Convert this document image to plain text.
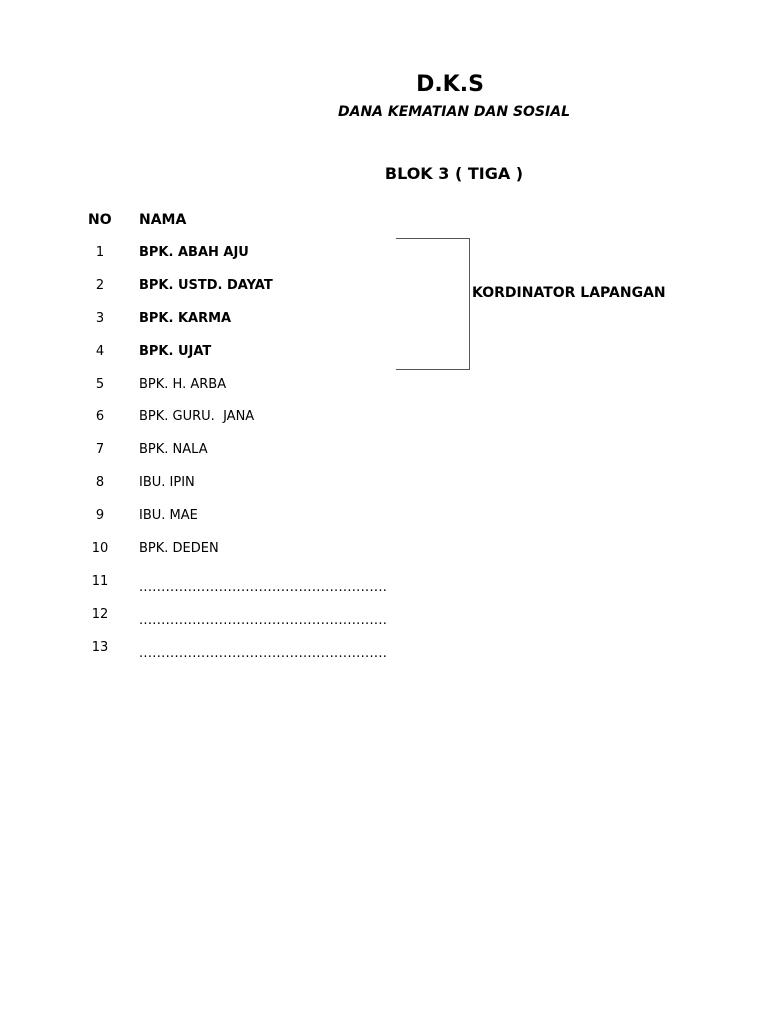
D.K.S
DANA KEMATIAN DAN SOSIAL
BLOK 3 ( TIGA )
NO NAMA
1	BPK. ABAH AJU
2	BPK. USTD. DAYAT
3	BPK. KARMA
4	BPK. UJAT
5	BPK. H. ARBA
6	BPK. GURU.  JANA
7	BPK. NALA
8	IBU. IPIN
9	IBU. MAE
10	BPK. DEDEN
11	........................................................
12	........................................................
13	........................................................
KORDINATOR LAPANGAN
